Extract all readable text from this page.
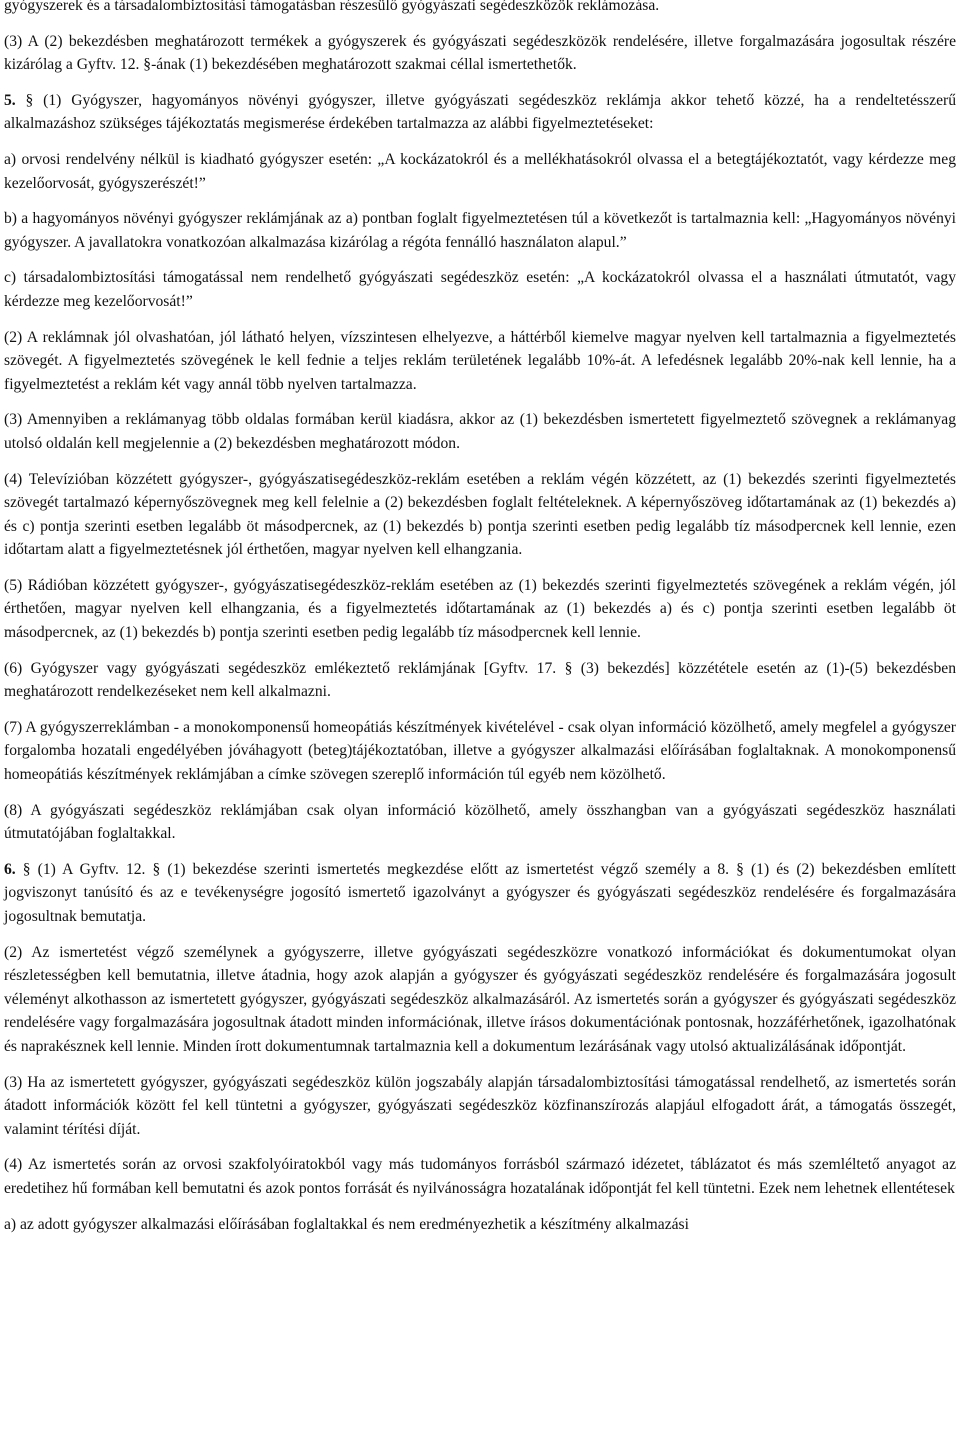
gyógyszerek és a társadalombiztosítási támogatásban részesülő gyógyászati segédeszközök reklámozása.

(3) A (2) bekezdésben meghatározott termékek a gyógyszerek és gyógyászati segédeszközök rendelésére, illetve forgalmazására jogosultak részére kizárólag a Gyftv. 12. §-ának (1) bekezdésében meghatározott szakmai céllal ismertethetők.

5. § (1) Gyógyszer, hagyományos növényi gyógyszer, illetve gyógyászati segédeszköz reklámja akkor tehető közzé, ha a rendeltetésszerű alkalmazáshoz szükséges tájékoztatás megismerése érdekében tartalmazza az alábbi figyelmeztetéseket:

a) orvosi rendelvény nélkül is kiadható gyógyszer esetén: „A kockázatokról és a mellékhatásokról olvassa el a betegtájékoztatót, vagy kérdezze meg kezelőorvosát, gyógyszerészét!”

b) a hagyományos növényi gyógyszer reklámjának az a) pontban foglalt figyelmeztetésen túl a következőt is tartalmaznia kell: „Hagyományos növényi gyógyszer. A javallatokra vonatkozóan alkalmazása kizárólag a régóta fennálló használaton alapul.”

c) társadalombiztosítási támogatással nem rendelhető gyógyászati segédeszköz esetén: „A kockázatokról olvassa el a használati útmutatót, vagy kérdezze meg kezelőorvosát!”

(2) A reklámnak jól olvashatóan, jól látható helyen, vízszintesen elhelyezve, a háttérből kiemelve magyar nyelven kell tartalmaznia a figyelmeztetés szövegét. A figyelmeztetés szövegének le kell fednie a teljes reklám területének legalább 10%-át. A lefedésnek legalább 20%-nak kell lennie, ha a figyelmeztetést a reklám két vagy annál több nyelven tartalmazza.

(3) Amennyiben a reklámanyag több oldalas formában kerül kiadásra, akkor az (1) bekezdésben ismertetett figyelmeztető szövegnek a reklámanyag utolsó oldalán kell megjelennie a (2) bekezdésben meghatározott módon.

(4) Televízióban közzétett gyógyszer-, gyógyászatisegédeszköz-reklám esetében a reklám végén közzétett, az (1) bekezdés szerinti figyelmeztetés szövegét tartalmazó képernyőszövegnek meg kell felelnie a (2) bekezdésben foglalt feltételeknek. A képernyőszöveg időtartamának az (1) bekezdés a) és c) pontja szerinti esetben legalább öt másodpercnek, az (1) bekezdés b) pontja szerinti esetben pedig legalább tíz másodpercnek kell lennie, ezen időtartam alatt a figyelmeztetésnek jól érthetően, magyar nyelven kell elhangzania.

(5) Rádióban közzétett gyógyszer-, gyógyászatisegédeszköz-reklám esetében az (1) bekezdés szerinti figyelmeztetés szövegének a reklám végén, jól érthetően, magyar nyelven kell elhangzania, és a figyelmeztetés időtartamának az (1) bekezdés a) és c) pontja szerinti esetben legalább öt másodpercnek, az (1) bekezdés b) pontja szerinti esetben pedig legalább tíz másodpercnek kell lennie.

(6) Gyógyszer vagy gyógyászati segédeszköz emlékeztető reklámjának [Gyftv. 17. § (3) bekezdés] közzététele esetén az (1)-(5) bekezdésben meghatározott rendelkezéseket nem kell alkalmazni.

(7) A gyógyszerreklámban - a monokomponensű homeopátiás készítmények kivételével - csak olyan információ közölhető, amely megfelel a gyógyszer forgalomba hozatali engedélyében jóváhagyott (beteg)tájékoztatóban, illetve a gyógyszer alkalmazási előírásában foglaltaknak. A monokomponensű homeopátiás készítmények reklámjában a címke szövegen szereplő információn túl egyéb nem közölhető.

(8) A gyógyászati segédeszköz reklámjában csak olyan információ közölhető, amely összhangban van a gyógyászati segédeszköz használati útmutatójában foglaltakkal.

6. § (1) A Gyftv. 12. § (1) bekezdése szerinti ismertetés megkezdése előtt az ismertetést végző személy a 8. § (1) és (2) bekezdésben említett jogviszonyt tanúsító és az e tevékenységre jogosító ismertető igazolványt a gyógyszer és gyógyászati segédeszköz rendelésére és forgalmazására jogosultnak bemutatja.

(2) Az ismertetést végző személynek a gyógyszerre, illetve gyógyászati segédeszközre vonatkozó információkat és dokumentumokat olyan részletességben kell bemutatnia, illetve átadnia, hogy azok alapján a gyógyszer és gyógyászati segédeszköz rendelésére és forgalmazására jogosult véleményt alkothasson az ismertetett gyógyszer, gyógyászati segédeszköz alkalmazásáról. Az ismertetés során a gyógyszer és gyógyászati segédeszköz rendelésére vagy forgalmazására jogosultnak átadott minden információnak, illetve írásos dokumentációnak pontosnak, hozzáférhetőnek, igazolhatónak és naprakésznek kell lennie. Minden írott dokumentumnak tartalmaznia kell a dokumentum lezárásának vagy utolsó aktualizálásának időpontját.

(3) Ha az ismertetett gyógyszer, gyógyászati segédeszköz külön jogszabály alapján társadalombiztosítási támogatással rendelhető, az ismertetés során átadott információk között fel kell tüntetni a gyógyszer, gyógyászati segédeszköz közfinanszírozás alapjául elfogadott árát, a támogatás összegét, valamint térítési díját.

(4) Az ismertetés során az orvosi szakfolyóiratokból vagy más tudományos forrásból származó idézetet, táblázatot és más szemléltető anyagot az eredetihez hű formában kell bemutatni és azok pontos forrását és nyilvánosságra hozatalának időpontját fel kell tüntetni. Ezek nem lehetnek ellentétesek

a) az adott gyógyszer alkalmazási előírásában foglaltakkal és nem eredményezhetik a készítmény alkalmazási
